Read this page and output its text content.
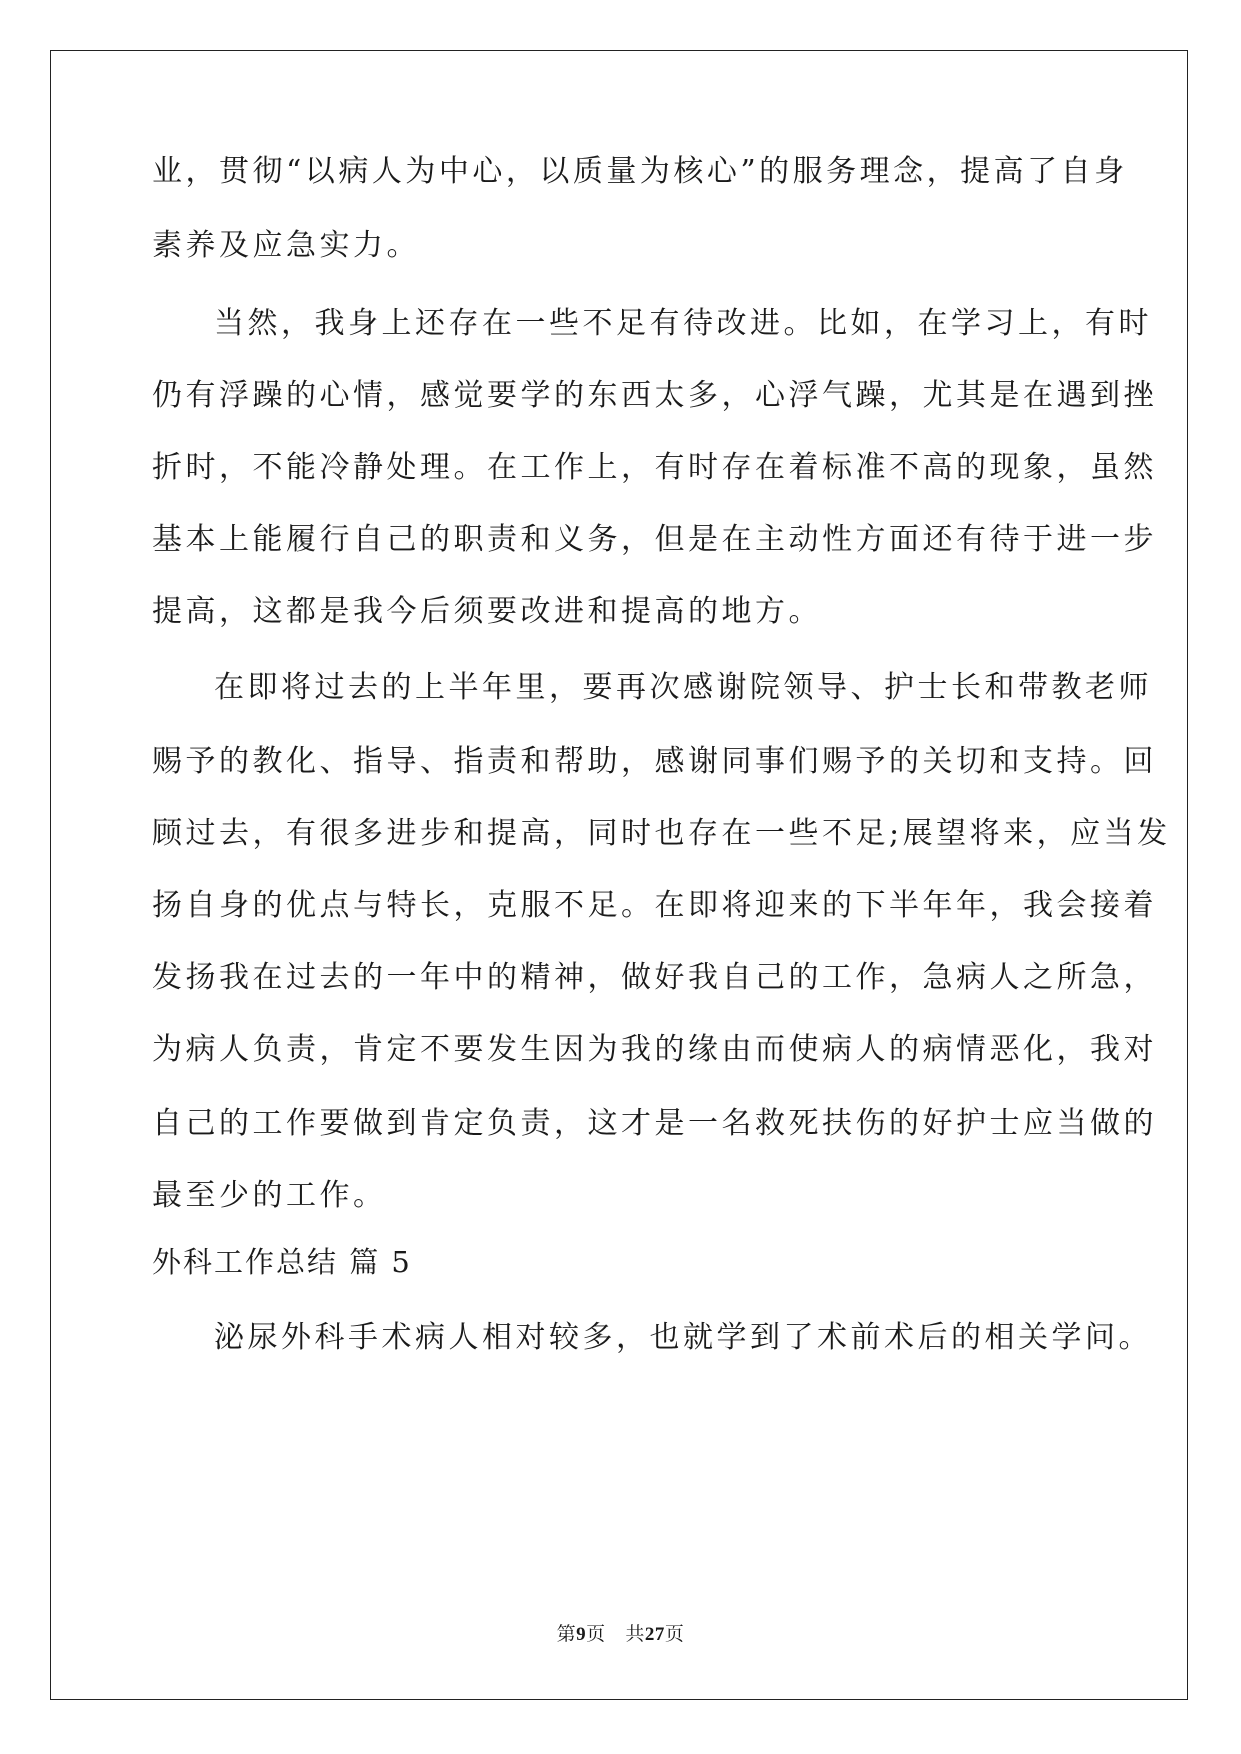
业，贯彻“以病人为中心，以质量为核心”的服务理念，提高了自身
素养及应急实力。
当然，我身上还存在一些不足有待改进。比如，在学习上，有时
仍有浮躁的心情，感觉要学的东西太多，心浮气躁，尤其是在遇到挫
折时，不能冷静处理。在工作上，有时存在着标准不高的现象，虽然
基本上能履行自己的职责和义务，但是在主动性方面还有待于进一步
提高，这都是我今后须要改进和提高的地方。
在即将过去的上半年里，要再次感谢院领导、护士长和带教老师
赐予的教化、指导、指责和帮助，感谢同事们赐予的关切和支持。回
顾过去，有很多进步和提高，同时也存在一些不足;展望将来，应当发
扬自身的优点与特长，克服不足。在即将迎来的下半年年，我会接着
发扬我在过去的一年中的精神，做好我自己的工作，急病人之所急，
为病人负责，肯定不要发生因为我的缘由而使病人的病情恶化，我对
自己的工作要做到肯定负责，这才是一名救死扶伤的好护士应当做的
最至少的工作。
外科工作总结 篇 5
泌尿外科手术病人相对较多，也就学到了术前术后的相关学问。
第9页 共27页
